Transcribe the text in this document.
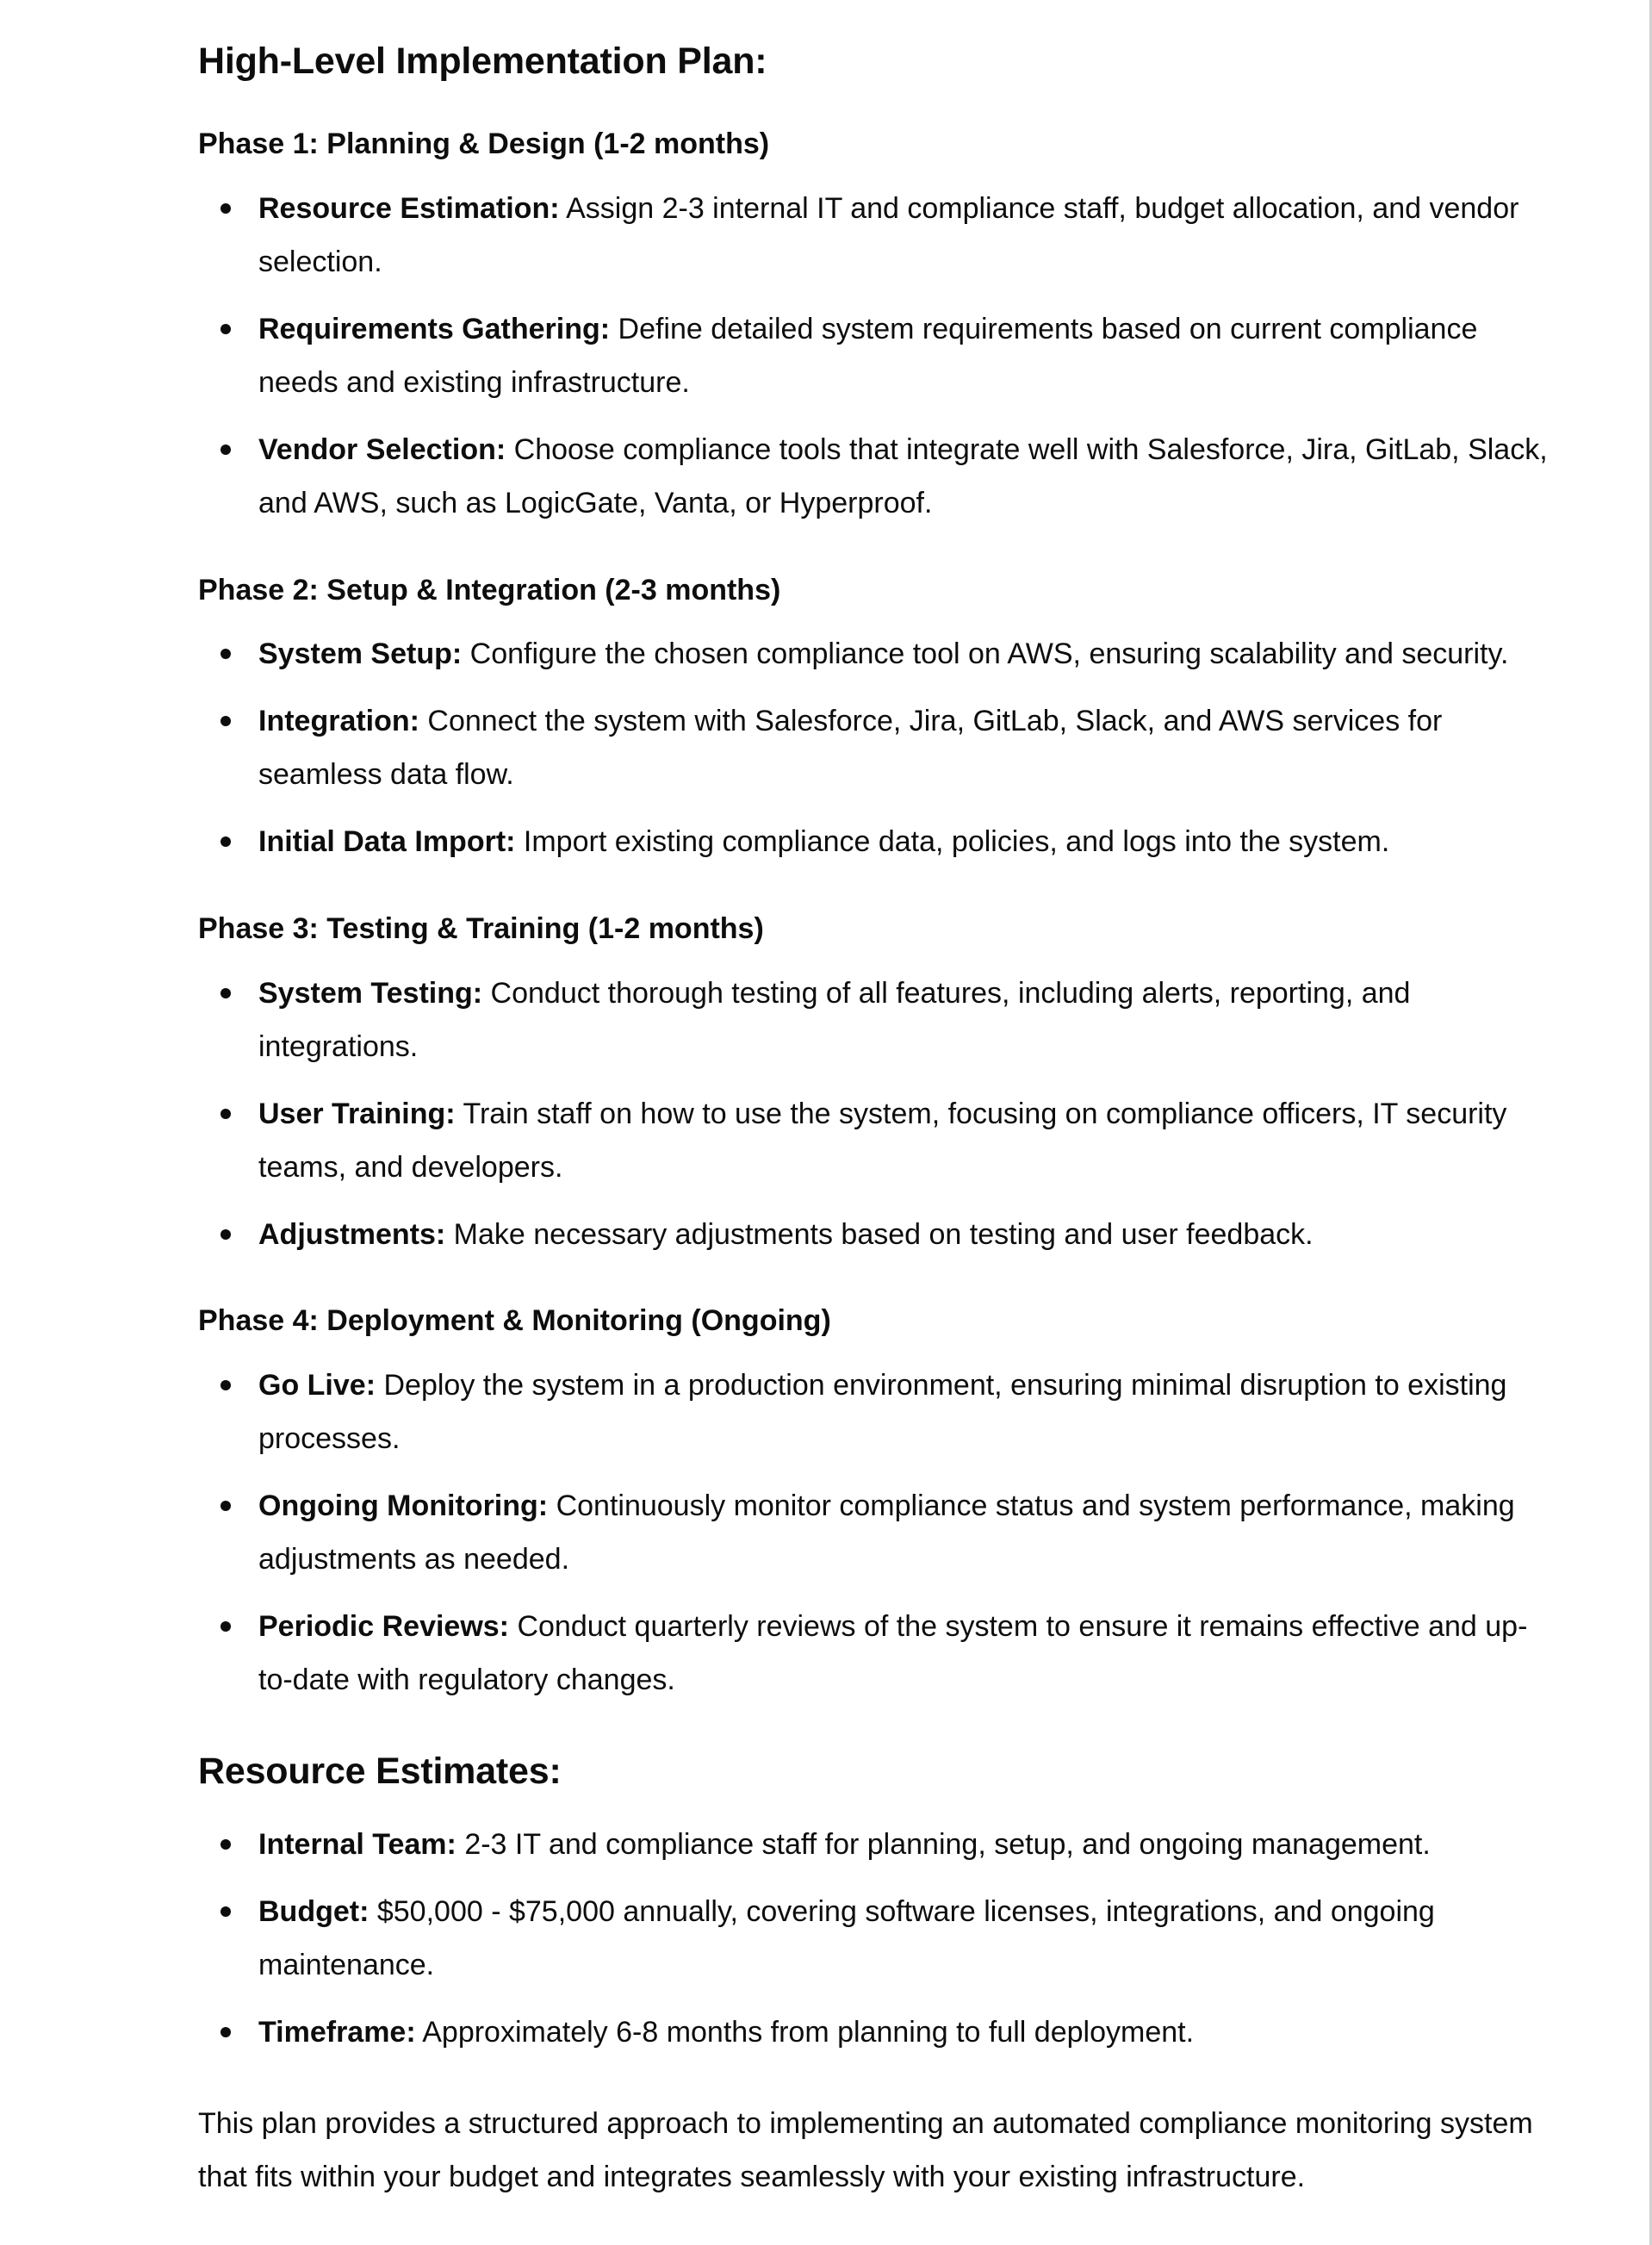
High-Level Implementation Plan:
Phase 1: Planning & Design (1-2 months)
Resource Estimation: Assign 2-3 internal IT and compliance staff, budget allocation, and vendor selection.
Requirements Gathering: Define detailed system requirements based on current compliance needs and existing infrastructure.
Vendor Selection: Choose compliance tools that integrate well with Salesforce, Jira, GitLab, Slack, and AWS, such as LogicGate, Vanta, or Hyperproof.
Phase 2: Setup & Integration (2-3 months)
System Setup: Configure the chosen compliance tool on AWS, ensuring scalability and security.
Integration: Connect the system with Salesforce, Jira, GitLab, Slack, and AWS services for seamless data flow.
Initial Data Import: Import existing compliance data, policies, and logs into the system.
Phase 3: Testing & Training (1-2 months)
System Testing: Conduct thorough testing of all features, including alerts, reporting, and integrations.
User Training: Train staff on how to use the system, focusing on compliance officers, IT security teams, and developers.
Adjustments: Make necessary adjustments based on testing and user feedback.
Phase 4: Deployment & Monitoring (Ongoing)
Go Live: Deploy the system in a production environment, ensuring minimal disruption to existing processes.
Ongoing Monitoring: Continuously monitor compliance status and system performance, making adjustments as needed.
Periodic Reviews: Conduct quarterly reviews of the system to ensure it remains effective and up-to-date with regulatory changes.
Resource Estimates:
Internal Team: 2-3 IT and compliance staff for planning, setup, and ongoing management.
Budget: $50,000 - $75,000 annually, covering software licenses, integrations, and ongoing maintenance.
Timeframe: Approximately 6-8 months from planning to full deployment.

This plan provides a structured approach to implementing an automated compliance monitoring system that fits within your budget and integrates seamlessly with your existing infrastructure.
